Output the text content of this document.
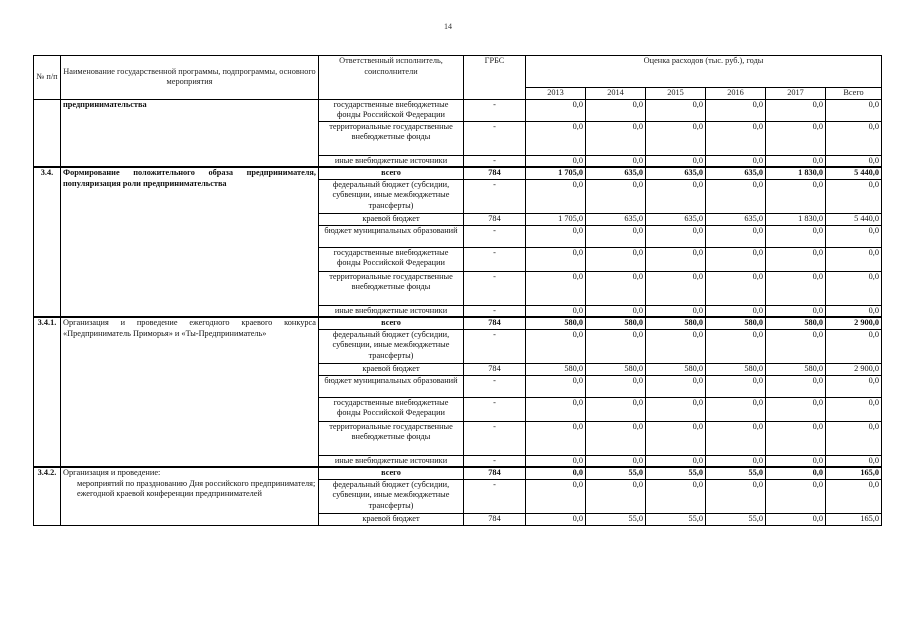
14
№ п/п	Наименование государственной программы, подпрограммы, основного мероприятия	Ответственный исполнитель, соисполнители	ГРБС	Оценка расходов (тыс. руб.), годы					
				2013	2014	2015	2016	2017	Всего
	предпринимательства	государственные внебюджетные фонды Российской Федерации	-	0,0	0,0	0,0	0,0	0,0	0,0
		территориальные государственные внебюджетные фонды	-	0,0	0,0	0,0	0,0	0,0	0,0
		иные внебюджетные источники	-	0,0	0,0	0,0	0,0	0,0	0,0
3.4.	Формирование положительного образа предпринимателя, популяризация роли предпринимательства	всего	784	1 705,0	635,0	635,0	635,0	1 830,0	5 440,0
		федеральный бюджет (субсидии, субвенции, иные межбюджетные трансферты)	-	0,0	0,0	0,0	0,0	0,0	0,0
		краевой бюджет	784	1 705,0	635,0	635,0	635,0	1 830,0	5 440,0
		бюджет муниципальных образований	-	0,0	0,0	0,0	0,0	0,0	0,0
		государственные внебюджетные фонды Российской Федерации	-	0,0	0,0	0,0	0,0	0,0	0,0
		территориальные государственные внебюджетные фонды	-	0,0	0,0	0,0	0,0	0,0	0,0
		иные внебюджетные источники	-	0,0	0,0	0,0	0,0	0,0	0,0
3.4.1.	Организация и проведение ежегодного краевого конкурса «Предприниматель Приморья» и «Ты-Предприниматель»	всего	784	580,0	580,0	580,0	580,0	580,0	2 900,0
		федеральный бюджет (субсидии, субвенции, иные межбюджетные трансферты)	-	0,0	0,0	0,0	0,0	0,0	0,0
		краевой бюджет	784	580,0	580,0	580,0	580,0	580,0	2 900,0
		бюджет муниципальных образований	-	0,0	0,0	0,0	0,0	0,0	0,0
		государственные внебюджетные фонды Российской Федерации	-	0,0	0,0	0,0	0,0	0,0	0,0
		территориальные государственные внебюджетные фонды	-	0,0	0,0	0,0	0,0	0,0	0,0
		иные внебюджетные источники	-	0,0	0,0	0,0	0,0	0,0	0,0
3.4.2.	Организация и проведение:
мероприятий по празднованию Дня российского предпринимателя;
ежегодной краевой конференции предпринимателей	всего	784	0,0	55,0	55,0	55,0	0,0	165,0
		федеральный бюджет (субсидии, субвенции, иные межбюджетные трансферты)	-	0,0	0,0	0,0	0,0	0,0	0,0
		краевой бюджет	784	0,0	55,0	55,0	55,0	0,0	165,0
